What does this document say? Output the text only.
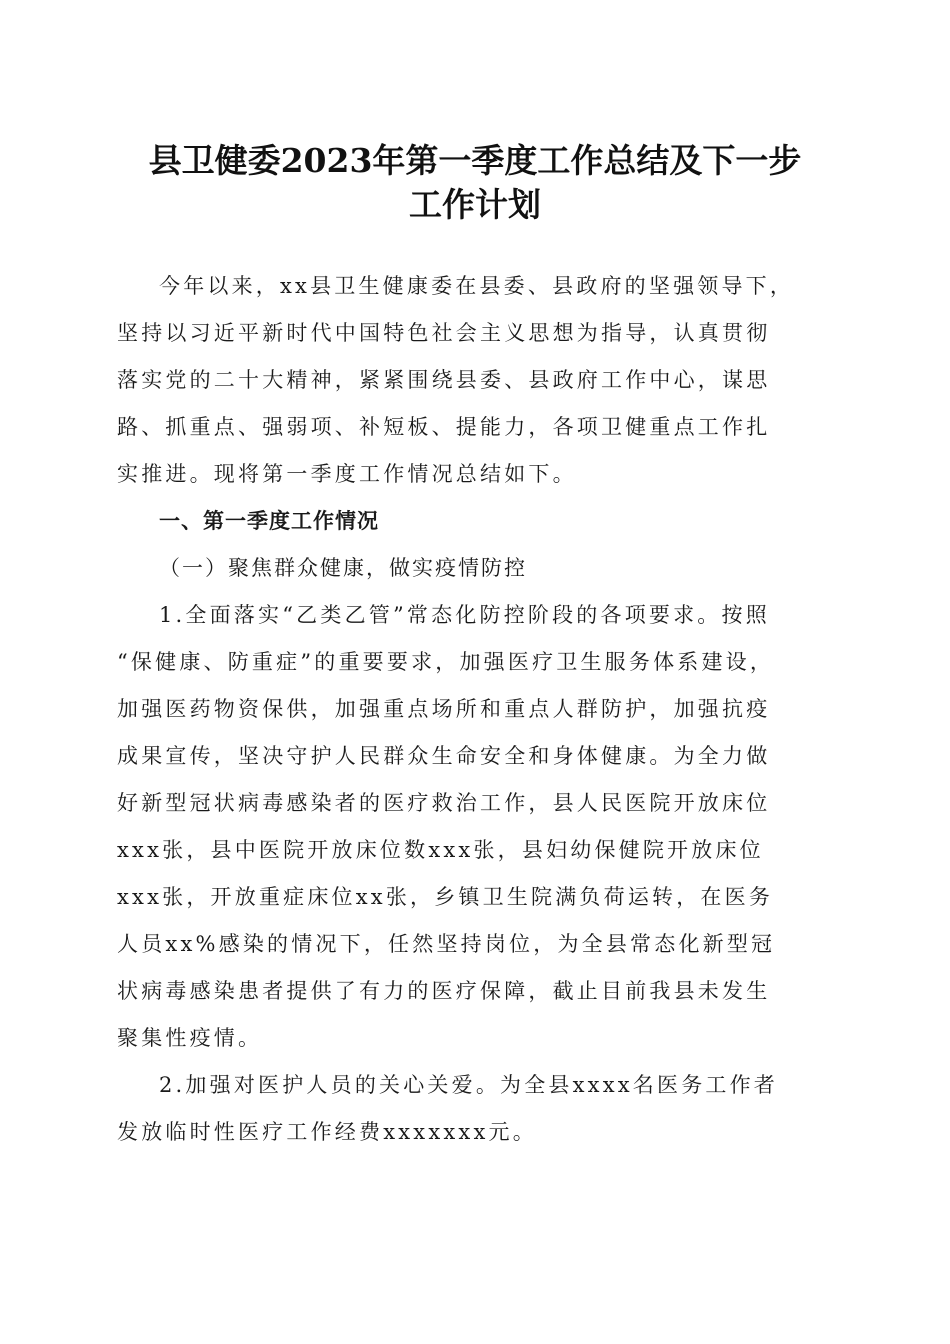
县卫健委2023年第一季度工作总结及下一步
工作计划
今年以来，xx县卫生健康委在县委、县政府的坚强领导下，
坚持以习近平新时代中国特色社会主义思想为指导，认真贯彻
落实党的二十大精神，紧紧围绕县委、县政府工作中心，谋思
路、抓重点、强弱项、补短板、提能力，各项卫健重点工作扎
实推进。现将第一季度工作情况总结如下。
一、第一季度工作情况
（一）聚焦群众健康，做实疫情防控
1.全面落实“乙类乙管”常态化防控阶段的各项要求。按照
“保健康、防重症”的重要要求，加强医疗卫生服务体系建设，
加强医药物资保供，加强重点场所和重点人群防护，加强抗疫
成果宣传，坚决守护人民群众生命安全和身体健康。为全力做
好新型冠状病毒感染者的医疗救治工作，县人民医院开放床位
xxx张，县中医院开放床位数xxx张，县妇幼保健院开放床位
xxx张，开放重症床位xx张，乡镇卫生院满负荷运转，在医务
人员xx%感染的情况下，任然坚持岗位，为全县常态化新型冠
状病毒感染患者提供了有力的医疗保障，截止目前我县未发生
聚集性疫情。
2.加强对医护人员的关心关爱。为全县xxxx名医务工作者
发放临时性医疗工作经费xxxxxxx元。
